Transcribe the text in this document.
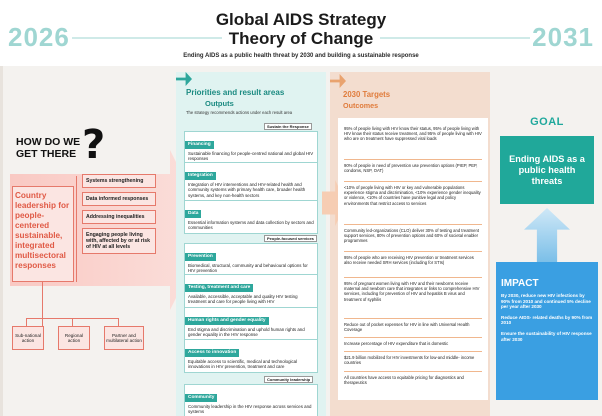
2026	2031
Global AIDS Strategy
Theory of Change
Ending AIDS as a public health threat by 2030 and building a sustainable response
HOW DO WE
GET THERE ?
Country leadership for people-centered sustainable, integrated multisectoral responses
Systems strengthening
Data informed responses
Addressing inequalities
Engaging people living with, affected by or at risk of HIV at all levels
Sub-national action
Regional action
Partner and multilateral action
Priorities and result areas
Outputs
The strategy recommends actions under each result area
Sustain the Response
Financing
Sustainable financing for people-centred national and global HIV responses
Integration
Integration of HIV interventions and HIV-related health and community systems with primary health care, broader health systems, and key non-health sectors
Data
Essential information systems and data collection by sectors and communities
People-focused services
Prevention
Biomedical, structural, community and behavioural options for HIV prevention
Testing, treatment and care
Available, accessible, acceptable and quality HIV testing treatment and care for people living with HIV
Human rights and gender equality
End stigma and discrimination and uphold human rights and gender equality in the HIV response
Access to innovation
Equitable access to scientific, medical and technological innovations in HIV prevention, treatment and care
Community leadership
Community
Community leadership in the HIV response across services and systems
2030 Targets
Outcomes
95% of people living with HIV know their status, 95% of people living with HIV know their status receive treatment, and 95% of people living with HIV who are on treatment have suppressed viral loads
90% of people in need of prevention use prevention options (PrEP, PEP, condoms, NSP, OAT)
<10% of people living with HIV or key and vulnerable populations experience stigma and discrimination, <10% experience gender inequality or violence, <10% of countries have punitive legal and policy environments that restrict access to services
Community led-organizations (CLO) deliver 30% of testing and treatment support services, 80% of prevention options and 60% of societal enabler programmes
95% of people who are receiving HIV prevention or treatment services also receive needed SRH services (including for STIs)
95% of pregnant women living with HIV and their newborns receive maternal and newborn care that integrates or links to comprehensive HIV services, including for prevention of HIV and hepatitis B virus and treatment of syphilis
Reduce out of pocket expenses for HIV in line with Universal Health Coverage
Increase percentage of HIV expenditure that is domestic
$21.9 billion mobilized for HIV investments for low-and middle- income countries
All countries have access to equitable pricing for diagnostics and therapeutics
GOAL
Ending AIDS as a public health threats
IMPACT
By 2030, reduce new HIV infections by 90% from 2010 and continued 5% decline per year after 2030
Reduce AIDS- related deaths by 90% from 2010
Ensure the sustainability of HIV response after 2030
